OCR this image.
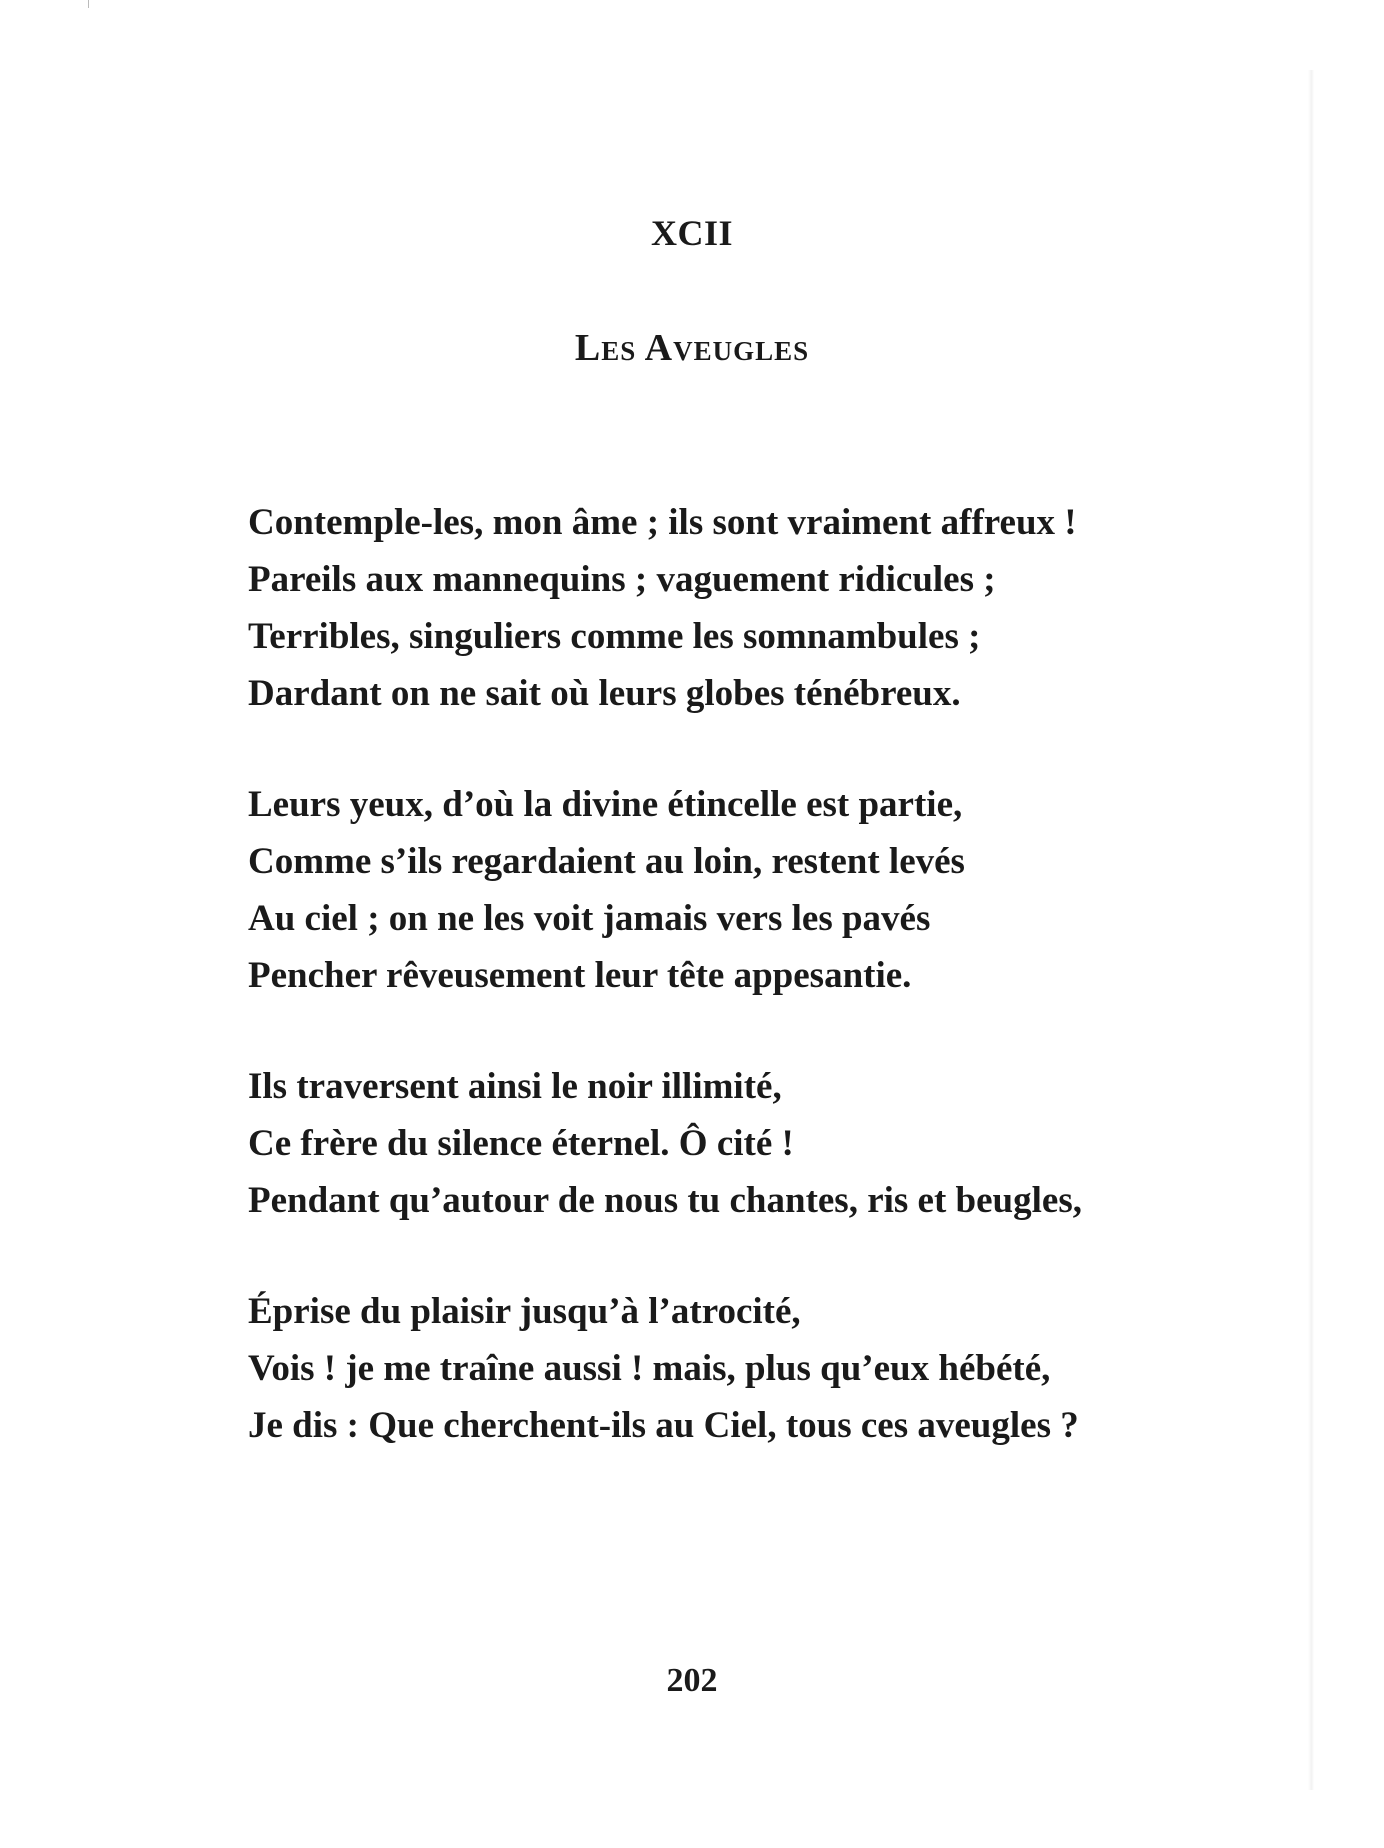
XCII
Les Aveugles
Contemple-les, mon âme ; ils sont vraiment affreux !
Pareils aux mannequins ; vaguement ridicules ;
Terribles, singuliers comme les somnambules ;
Dardant on ne sait où leurs globes ténébreux.
Leurs yeux, d’où la divine étincelle est partie,
Comme s’ils regardaient au loin, restent levés
Au ciel ; on ne les voit jamais vers les pavés
Pencher rêveusement leur tête appesantie.
Ils traversent ainsi le noir illimité,
Ce frère du silence éternel. Ô cité !
Pendant qu’autour de nous tu chantes, ris et beugles,
Éprise du plaisir jusqu’à l’atrocité,
Vois ! je me traîne aussi ! mais, plus qu’eux hébété,
Je dis : Que cherchent-ils au Ciel, tous ces aveugles ?
202
